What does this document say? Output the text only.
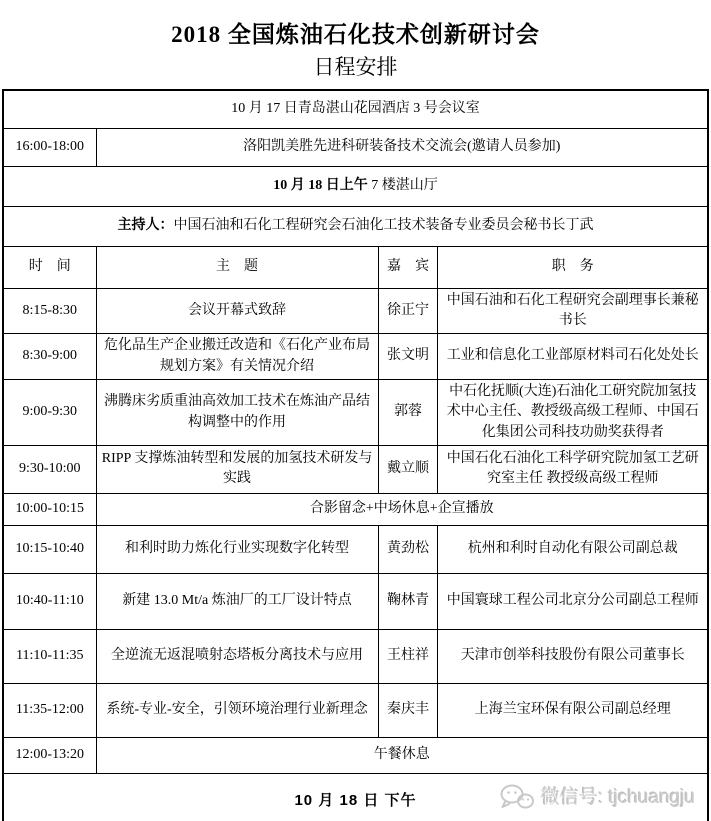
2018 全国炼油石化技术创新研讨会
日程安排
10 月 17 日青岛湛山花园酒店 3 号会议室			
16:00-18:00	洛阳凯美胜先进科研装备技术交流会(邀请人员参加)		
10 月 18 日上午 7 楼湛山厅			
主持人：中国石油和石化工程研究会石油化工技术装备专业委员会秘书长丁武			
时　间	主　题	嘉　宾	职　务
8:15-8:30	会议开幕式致辞	徐正宁	中国石油和石化工程研究会副理事长兼秘书长
8:30-9:00	危化品生产企业搬迁改造和《石化产业布局规划方案》有关情况介绍	张文明	工业和信息化工业部原材料司石化处处长
9:00-9:30	沸腾床劣质重油高效加工技术在炼油产品结构调整中的作用	郭蓉	中石化抚顺(大连)石油化工研究院加氢技术中心主任、教授级高级工程师、中国石化集团公司科技功勋奖获得者
9:30-10:00	RIPP 支撑炼油转型和发展的加氢技术研发与实践	戴立顺	中国石化石油化工科学研究院加氢工艺研究室主任 教授级高级工程师
10:00-10:15	合影留念+中场休息+企宣播放		
10:15-10:40	和利时助力炼化行业实现数字化转型	黄劲松	杭州和利时自动化有限公司副总裁
10:40-11:10	新建 13.0 Mt/a 炼油厂的工厂设计特点	鞠林青	中国寰球工程公司北京分公司副总工程师
11:10-11:35	全逆流无返混喷射态塔板分离技术与应用	王柱祥	天津市创举科技股份有限公司董事长
11:35-12:00	系统-专业-安全，引领环境治理行业新理念	秦庆丰	上海兰宝环保有限公司副总经理
12:00-13:20	午餐休息		
10 月 18 日 下午 微信号: tjchuangju			
